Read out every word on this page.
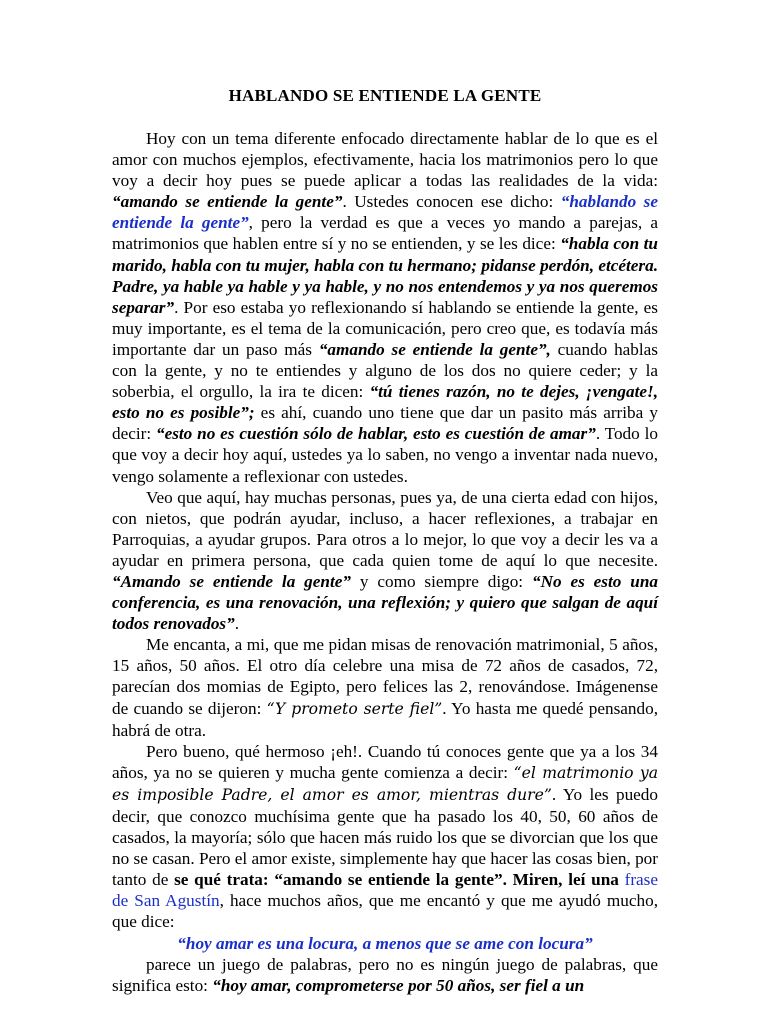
HABLANDO SE ENTIENDE LA GENTE

Hoy con un tema diferente enfocado directamente hablar de lo que es el amor con muchos ejemplos, efectivamente, hacia los matrimonios pero lo que voy a decir hoy pues se puede aplicar a todas las realidades de la vida: “amando se entiende la gente”. Ustedes conocen ese dicho: “hablando se entiende la gente”, pero la verdad es que a veces yo mando a parejas, a matrimonios que hablen entre sí y no se entienden, y se les dice: “habla con tu marido, habla con tu mujer, habla con tu hermano; pidanse perdón, etcétera. Padre, ya hable ya hable y ya hable, y no nos entendemos y ya nos queremos separar”. Por eso estaba yo reflexionando sí hablando se entiende la gente, es muy importante, es el tema de la comunicación, pero creo que, es todavía más importante dar un paso más “amando se entiende la gente”, cuando hablas con la gente, y no te entiendes y alguno de los dos no quiere ceder; y la soberbia, el orgullo, la ira te dicen: “tú tienes razón, no te dejes, ¡vengate!, esto no es posible”; es ahí, cuando uno tiene que dar un pasito más arriba y decir: “esto no es cuestión sólo de hablar, esto es cuestión de amar”. Todo lo que voy a decir hoy aquí, ustedes ya lo saben, no vengo a inventar nada nuevo, vengo solamente a reflexionar con ustedes.

Veo que aquí, hay muchas personas, pues ya, de una cierta edad con hijos, con nietos, que podrán ayudar, incluso, a hacer reflexiones, a trabajar en Parroquias, a ayudar grupos. Para otros a lo mejor, lo que voy a decir les va a ayudar en primera persona, que cada quien tome de aquí lo que necesite. “Amando se entiende la gente” y como siempre digo: “No es esto una conferencia, es una renovación, una reflexión; y quiero que salgan de aquí todos renovados”.

Me encanta, a mi, que me pidan misas de renovación matrimonial, 5 años, 15 años, 50 años. El otro día celebre una misa de 72 años de casados, 72, parecían dos momias de Egipto, pero felices las 2, renovándose. Imágenense de cuando se dijeron: “Y prometo serte fiel”. Yo hasta me quedé pensando, habrá de otra.

Pero bueno, qué hermoso ¡eh!. Cuando tú conoces gente que ya a los 34 años, ya no se quieren y mucha gente comienza a decir: “el matrimonio ya es imposible Padre, el amor es amor, mientras dure”. Yo les puedo decir, que conozco muchísima gente que ha pasado los 40, 50, 60 años de casados, la mayoría; sólo que hacen más ruido los que se divorcian que los que no se casan. Pero el amor existe, simplemente hay que hacer las cosas bien, por tanto de se qué trata: “amando se entiende la gente”. Miren, leí una frase de San Agustín, hace muchos años, que me encantó y que me ayudó mucho, que dice:

“hoy amar es una locura, a menos que se ame con locura”

parece un juego de palabras, pero no es ningún juego de palabras, que significa esto: “hoy amar, comprometerse por 50 años, ser fiel a un
